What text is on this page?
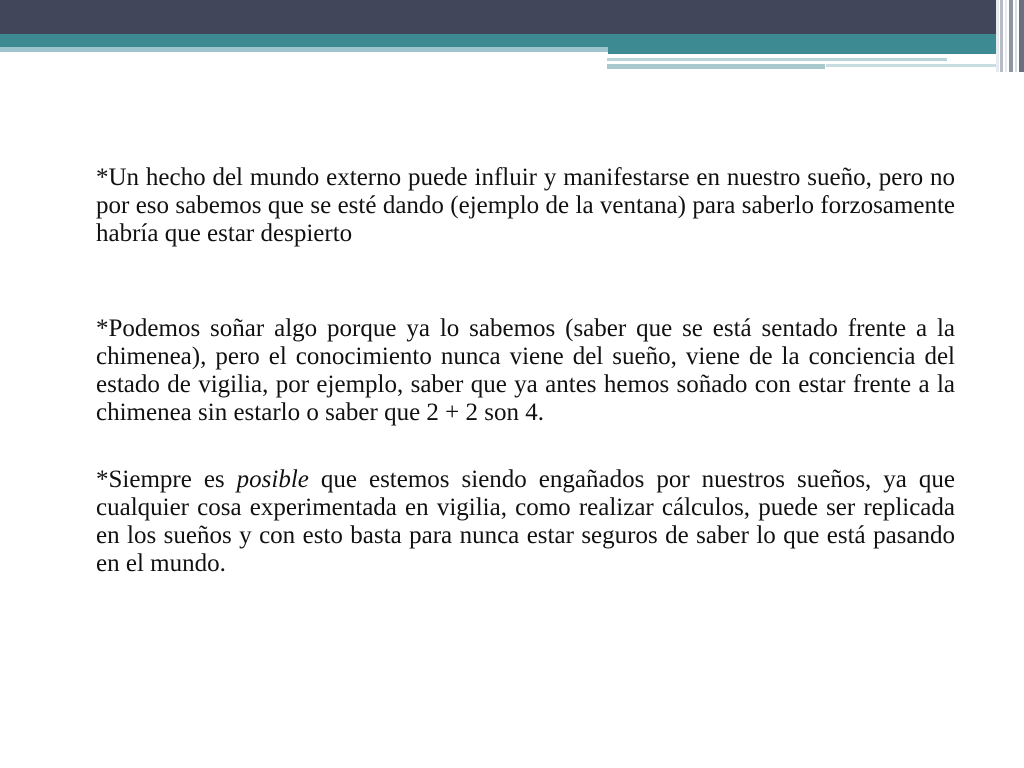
*Un hecho del mundo externo puede influir y manifestarse en nuestro sueño, pero no por eso sabemos que se esté dando (ejemplo de la ventana) para saberlo forzosamente habría que estar despierto

*Podemos soñar algo porque ya lo sabemos (saber que se está sentado frente a la chimenea), pero el conocimiento nunca viene del sueño, viene de la conciencia del estado de vigilia, por ejemplo, saber que ya antes hemos soñado con estar frente a la chimenea sin estarlo o saber que 2 + 2 son 4.

*Siempre es posible que estemos siendo engañados por nuestros sueños, ya que cualquier cosa experimentada en vigilia, como realizar cálculos, puede ser replicada en los sueños y con esto basta para nunca estar seguros de saber lo que está pasando en el mundo.
